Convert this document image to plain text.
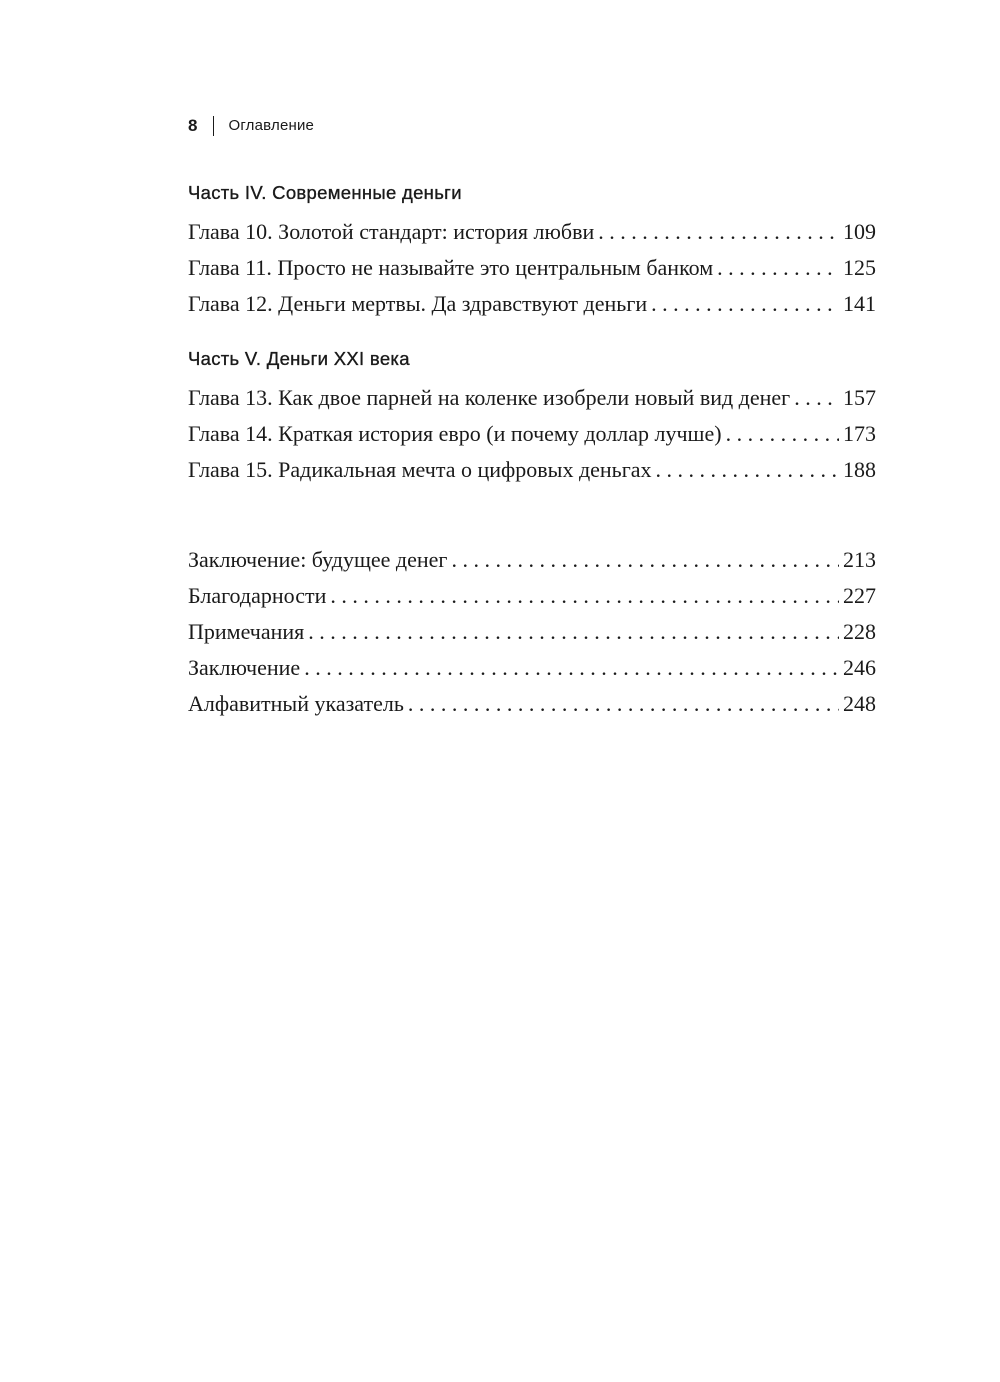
8 Оглавление
Часть IV. Современные деньги
Глава 10. Золотой стандарт: история любви . . .	109
Глава 11. Просто не называйте это центральным банком . . .	125
Глава 12. Деньги мертвы. Да здравствуют деньги . . .	141
Часть V. Деньги XXI века
Глава 13. Как двое парней на коленке изобрели новый вид денег . . . 157
Глава 14. Краткая история евро (и почему доллар лучше) . . .	173
Глава 15. Радикальная мечта о цифровых деньгах . . .	188
Заключение: будущее денег . . .	213
Благодарности . . .	227
Примечания . . .	228
Заключение . . .	246
Алфавитный указатель . . .	248
